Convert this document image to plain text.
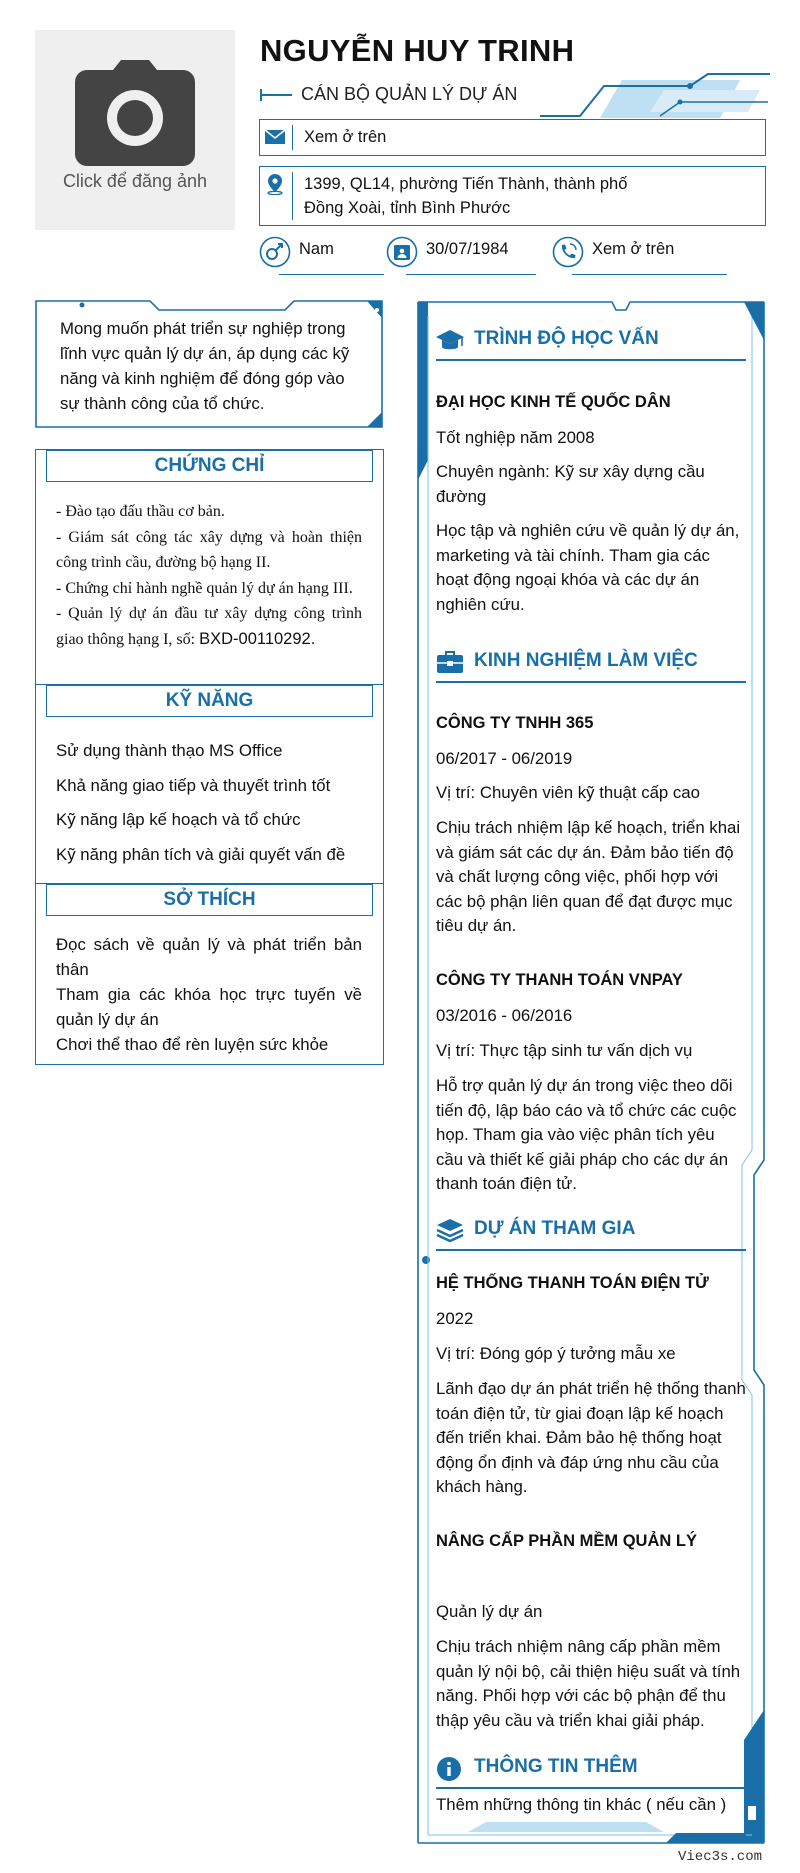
Click để đăng ảnh
NGUYỄN HUY TRINH
CÁN BỘ QUẢN LÝ DỰ ÁN
Xem ở trên
1399, QL14, phường Tiến Thành, thành phố
Đồng Xoài, tỉnh Bình Phước
Nam	30/07/1984	Xem ở trên
Mong muốn phát triển sự nghiệp trong lĩnh vực quản lý dự án, áp dụng các kỹ năng và kinh nghiệm để đóng góp vào sự thành công của tổ chức.
CHỨNG CHỈ
- Đào tạo đấu thầu cơ bản.
- Giám sát công tác xây dựng và hoàn thiện công trình cầu, đường bộ hạng II.
- Chứng chỉ hành nghề quản lý dự án hạng III.
- Quản lý dự án đầu tư xây dựng công trình giao thông hạng I, số: BXD-00110292.
KỸ NĂNG
Sử dụng thành thạo MS Office
Khả năng giao tiếp và thuyết trình tốt
Kỹ năng lập kế hoạch và tổ chức
Kỹ năng phân tích và giải quyết vấn đề
SỞ THÍCH
Đọc sách về quản lý và phát triển bản thân
Tham gia các khóa học trực tuyến về quản lý dự án
Chơi thể thao để rèn luyện sức khỏe
TRÌNH ĐỘ HỌC VẤN
ĐẠI HỌC KINH TẾ QUỐC DÂN
Tốt nghiệp năm 2008
Chuyên ngành: Kỹ sư xây dựng cầu đường
Học tập và nghiên cứu về quản lý dự án, marketing và tài chính. Tham gia các hoạt động ngoại khóa và các dự án nghiên cứu.
KINH NGHIỆM LÀM VIỆC
CÔNG TY TNHH 365
06/2017 - 06/2019
Vị trí: Chuyên viên kỹ thuật cấp cao
Chịu trách nhiệm lập kế hoạch, triển khai và giám sát các dự án. Đảm bảo tiến độ và chất lượng công việc, phối hợp với các bộ phận liên quan để đạt được mục tiêu dự án.
CÔNG TY THANH TOÁN VNPAY
03/2016 - 06/2016
Vị trí: Thực tập sinh tư vấn dịch vụ
Hỗ trợ quản lý dự án trong việc theo dõi tiến độ, lập báo cáo và tổ chức các cuộc họp. Tham gia vào việc phân tích yêu cầu và thiết kế giải pháp cho các dự án thanh toán điện tử.
DỰ ÁN THAM GIA
HỆ THỐNG THANH TOÁN ĐIỆN TỬ
2022
Vị trí: Đóng góp ý tưởng mẫu xe
Lãnh đạo dự án phát triển hệ thống thanh toán điện tử, từ giai đoạn lập kế hoạch đến triển khai. Đảm bảo hệ thống hoạt động ổn định và đáp ứng nhu cầu của khách hàng.
NÂNG CẤP PHẦN MỀM QUẢN LÝ
Quản lý dự án
Chịu trách nhiệm nâng cấp phần mềm quản lý nội bộ, cải thiện hiệu suất và tính năng. Phối hợp với các bộ phận để thu thập yêu cầu và triển khai giải pháp.
THÔNG TIN THÊM
Thêm những thông tin khác ( nếu cần )
Viec3s.com
